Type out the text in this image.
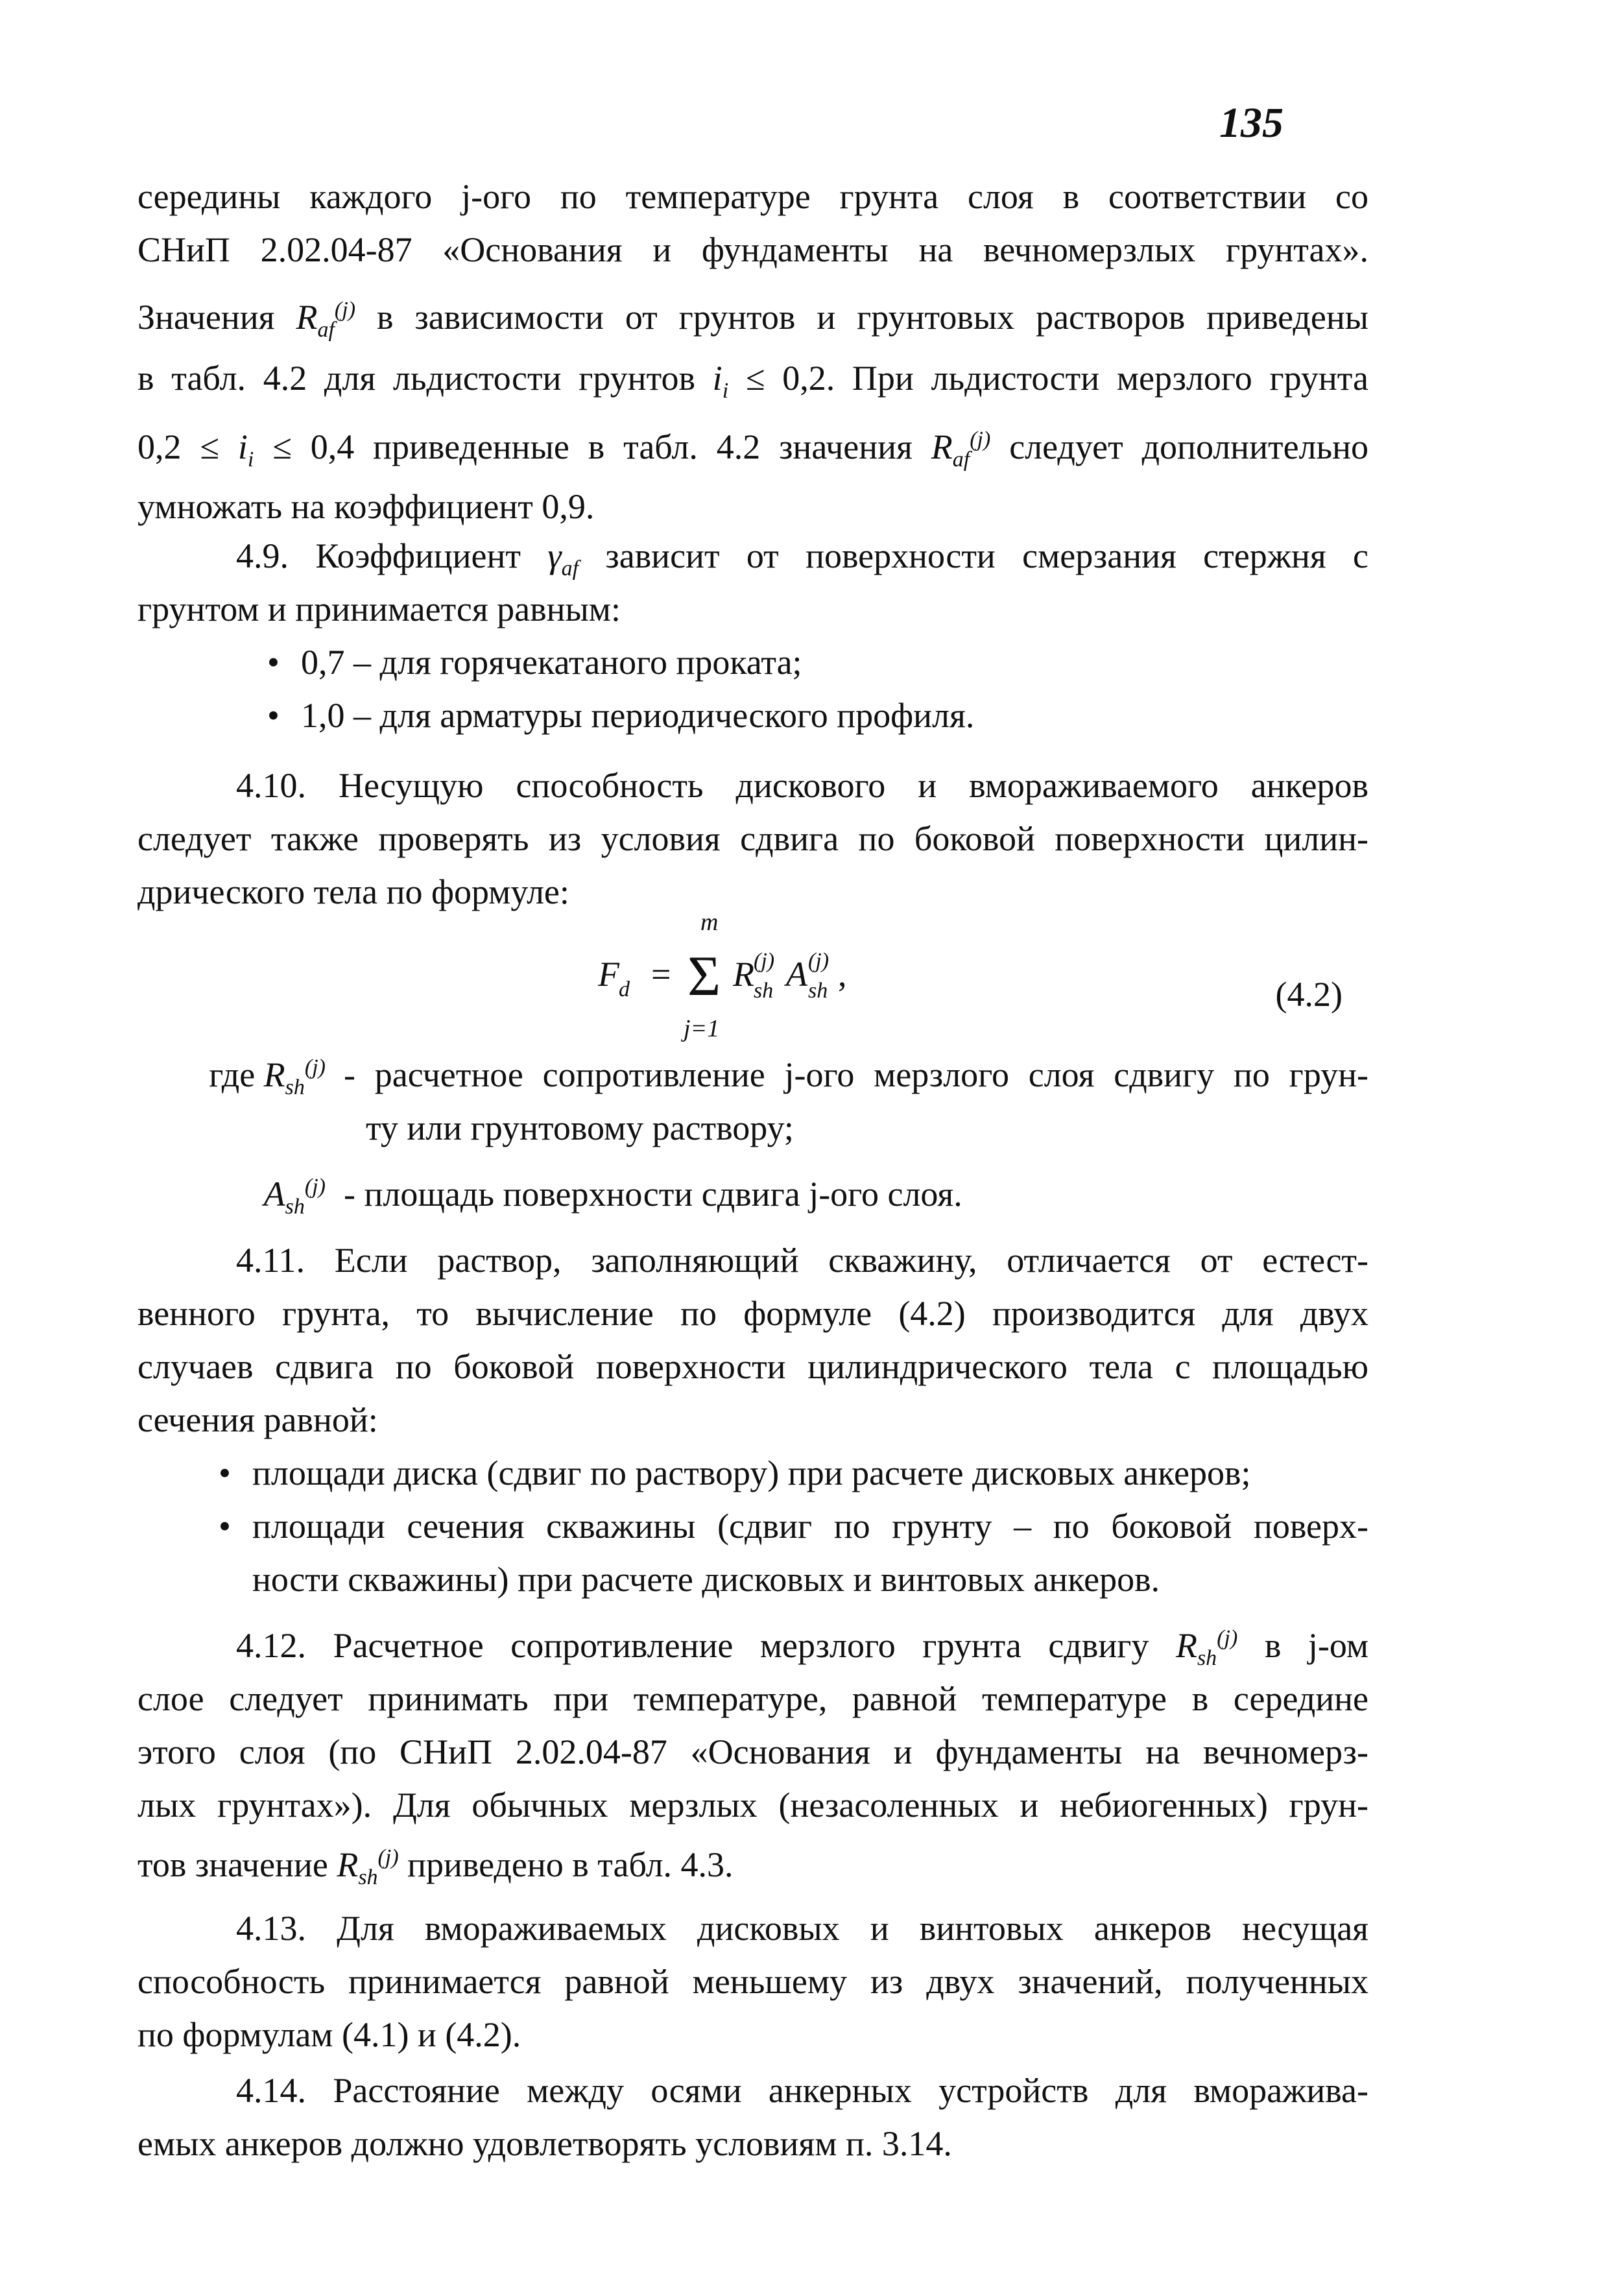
135

середины каждого j-ого по температуре грунта слоя в соответствии со

СНиП 2.02.04-87 «Основания и фундаменты на вечномерзлых грунтах».

Значения $R_{af}^{(j)}$ в зависимости от грунтов и грунтовых растворов приведены

в табл. 4.2 для льдистости грунтов $i_i \le 0,2$. При льдистости мерзлого грунта

$0,2 \le i_i \le 0,4$ приведенные в табл. 4.2 значения $R_{af}^{(j)}$ следует дополнительно

умножать на коэффициент 0,9.

4.9. Коэффициент $\gamma_{af}$ зависит от поверхности смерзания стержня с

грунтом и принимается равным:

• 0,7 – для горячекатаного проката;
• 1,0 – для арматуры периодического профиля.

4.10. Несущую способность дискового и вмораживаемого анкеров

следует также проверять из условия сдвига по боковой поверхности цилин-

дрического тела по формуле:

F d =
m
Σ
j=1
R sh
(j) A sh
(j) ,
(4.2)
где $R_{sh}^{(j)}$ - расчетное сопротивление j-ого мерзлого слоя сдвигу по грун-

ту или грунтовому раствору;

$A_{sh}^{(j)}$ - площадь поверхности сдвига j-ого слоя.

4.11. Если раствор, заполняющий скважину, отличается от естест-

венного грунта, то вычисление по формуле (4.2) производится для двух

случаев сдвига по боковой поверхности цилиндрического тела с площадью

сечения равной:

• площади диска (сдвиг по раствору) при расчете дисковых анкеров;
• площади сечения скважины (сдвиг по грунту – по боковой поверх-

ности скважины) при расчете дисковых и винтовых анкеров.

4.12. Расчетное сопротивление мерзлого грунта сдвигу $R_{sh}^{(j)}$ в j-ом

слое следует принимать при температуре, равной температуре в середине

этого слоя (по СНиП 2.02.04-87 «Основания и фундаменты на вечномерз-

лых грунтах»). Для обычных мерзлых (незасоленных и небиогенных) грун-

тов значение $R_{sh}^{(j)}$ приведено в табл. 4.3.

4.13. Для вмораживаемых дисковых и винтовых анкеров несущая

способность принимается равной меньшему из двух значений, полученных

по формулам (4.1) и (4.2).

4.14. Расстояние между осями анкерных устройств для вморажива-

емых анкеров должно удовлетворять условиям п. 3.14.
